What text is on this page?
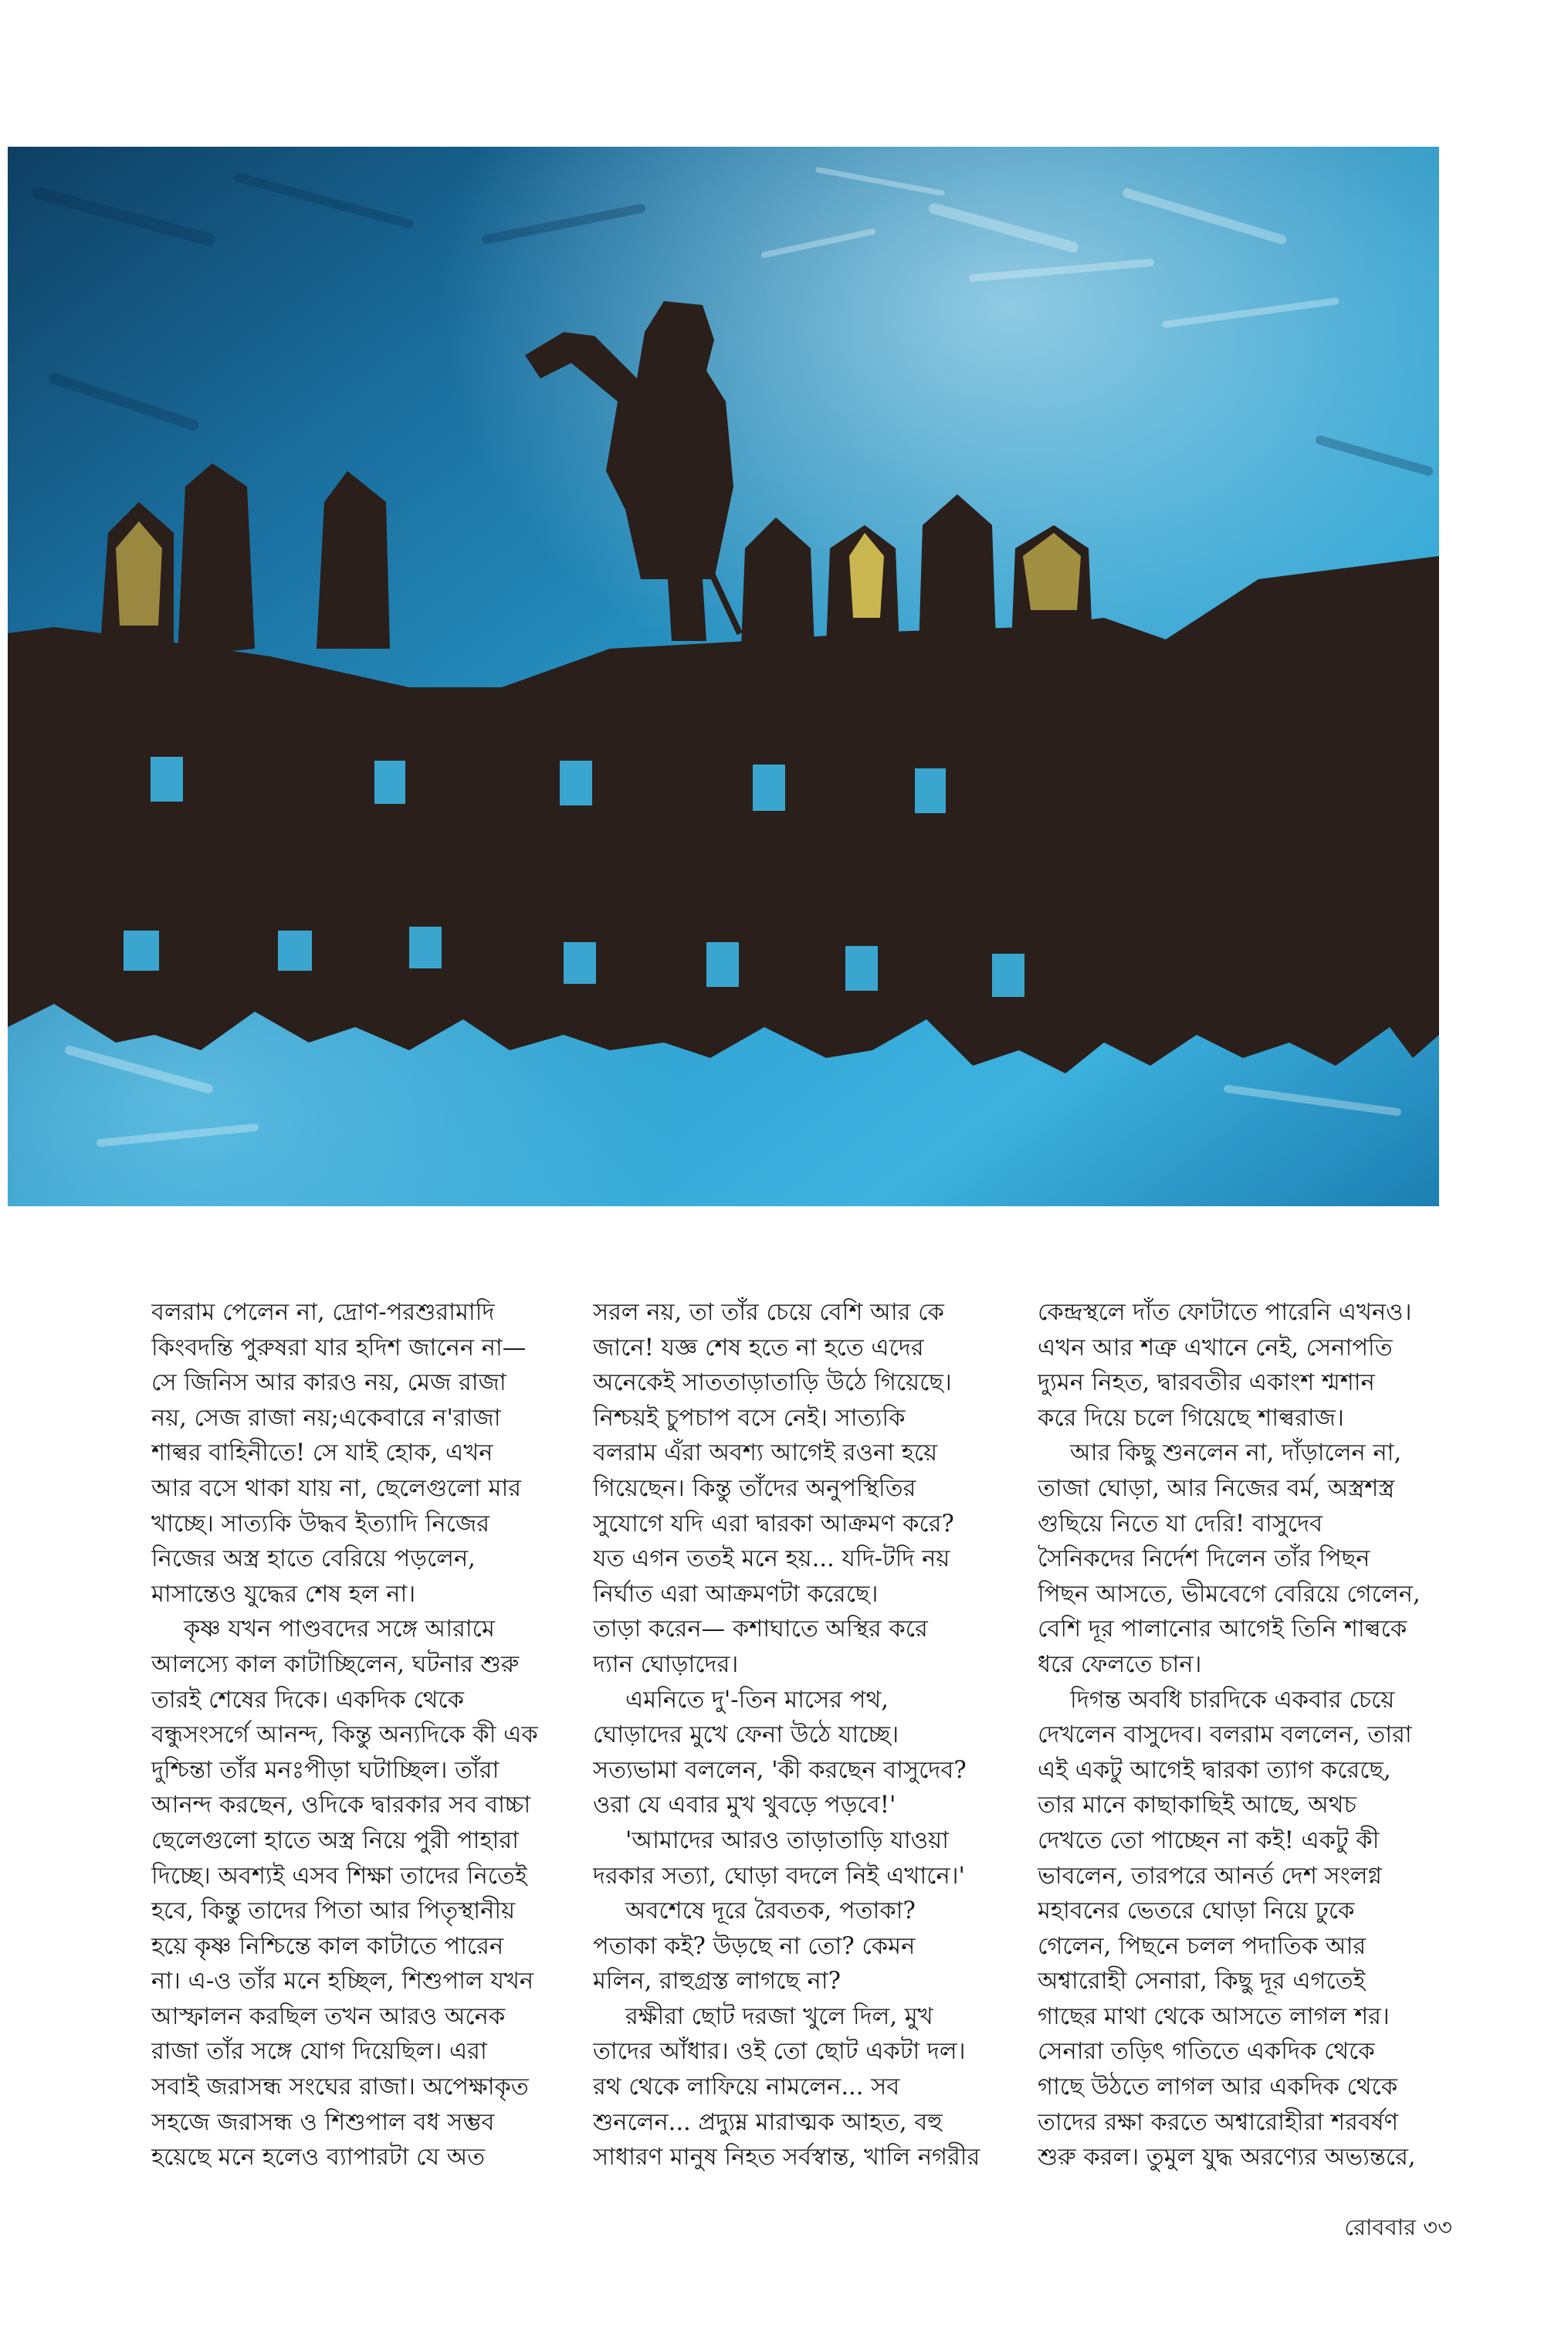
বলরাম পেলেন না, দ্রোণ-পরশুরামাদি

কিংবদন্তি পুরুষরা যার হদিশ জানেন না—

সে জিনিস আর কারও নয়, মেজ রাজা

নয়, সেজ রাজা নয়;একেবারে ন'রাজা

শাল্বর বাহিনীতে! সে যাই হোক, এখন

আর বসে থাকা যায় না, ছেলেগুলো মার

খাচ্ছে। সাত্যকি উদ্ধব ইত্যাদি নিজের

নিজের অস্ত্র হাতে বেরিয়ে পড়লেন,

মাসান্তেও যুদ্ধের শেষ হল না।

কৃষ্ণ যখন পাণ্ডবদের সঙ্গে আরামে

আলস্যে কাল কাটাচ্ছিলেন, ঘটনার শুরু

তারই শেষের দিকে। একদিক থেকে

বন্ধুসংসর্গে আনন্দ, কিন্তু অন্যদিকে কী এক

দুশ্চিন্তা তাঁর মনঃপীড়া ঘটাচ্ছিল। তাঁরা

আনন্দ করছেন, ওদিকে দ্বারকার সব বাচ্চা

ছেলেগুলো হাতে অস্ত্র নিয়ে পুরী পাহারা

দিচ্ছে। অবশ্যই এসব শিক্ষা তাদের নিতেই

হবে, কিন্তু তাদের পিতা আর পিতৃস্থানীয়

হয়ে কৃষ্ণ নিশ্চিন্তে কাল কাটাতে পারেন

না। এ-ও তাঁর মনে হচ্ছিল, শিশুপাল যখন

আস্ফালন করছিল তখন আরও অনেক

রাজা তাঁর সঙ্গে যোগ দিয়েছিল। এরা

সবাই জরাসন্ধ সংঘের রাজা। অপেক্ষাকৃত

সহজে জরাসন্ধ ও শিশুপাল বধ সম্ভব

হয়েছে মনে হলেও ব্যাপারটা যে অত

সরল নয়, তা তাঁর চেয়ে বেশি আর কে

জানে! যজ্ঞ শেষ হতে না হতে এদের

অনেকেই সাততাড়াতাড়ি উঠে গিয়েছে।

নিশ্চয়ই চুপচাপ বসে নেই। সাত্যকি

বলরাম এঁরা অবশ্য আগেই রওনা হয়ে

গিয়েছেন। কিন্তু তাঁদের অনুপস্থিতির

সুযোগে যদি এরা দ্বারকা আক্রমণ করে?

যত এগন ততই মনে হয়... যদি-টদি নয়

নির্ঘাত এরা আক্রমণটা করেছে।

তাড়া করেন— কশাঘাতে অস্থির করে

দ্যান ঘোড়াদের।

এমনিতে দু'-তিন মাসের পথ,

ঘোড়াদের মুখে ফেনা উঠে যাচ্ছে।

সত্যভামা বললেন, 'কী করছেন বাসুদেব?

ওরা যে এবার মুখ থুবড়ে পড়বে!'

'আমাদের আরও তাড়াতাড়ি যাওয়া

দরকার সত্যা, ঘোড়া বদলে নিই এখানে।'

অবশেষে দূরে রৈবতক, পতাকা?

পতাকা কই? উড়ছে না তো? কেমন

মলিন, রাহুগ্রস্ত লাগছে না?

রক্ষীরা ছোট দরজা খুলে দিল, মুখ

তাদের আঁধার। ওই তো ছোট একটা দল।

রথ থেকে লাফিয়ে নামলেন... সব

শুনলেন... প্রদ্যুম্ন মারাত্মক আহত, বহু

সাধারণ মানুষ নিহত সর্বস্বান্ত, খালি নগরীর

কেন্দ্রস্থলে দাঁত ফোটাতে পারেনি এখনও।

এখন আর শত্রু এখানে নেই, সেনাপতি

দ্যুমন নিহত, দ্বারবতীর একাংশ শ্মশান

করে দিয়ে চলে গিয়েছে শাল্বরাজ।

আর কিছু শুনলেন না, দাঁড়ালেন না,

তাজা ঘোড়া, আর নিজের বর্ম, অস্ত্রশস্ত্র

গুছিয়ে নিতে যা দেরি! বাসুদেব

সৈনিকদের নির্দেশ দিলেন তাঁর পিছন

পিছন আসতে, ভীমবেগে বেরিয়ে গেলেন,

বেশি দূর পালানোর আগেই তিনি শাল্বকে

ধরে ফেলতে চান।

দিগন্ত অবধি চারদিকে একবার চেয়ে

দেখলেন বাসুদেব। বলরাম বললেন, তারা

এই একটু আগেই দ্বারকা ত্যাগ করেছে,

তার মানে কাছাকাছিই আছে, অথচ

দেখতে তো পাচ্ছেন না কই! একটু কী

ভাবলেন, তারপরে আনর্ত দেশ সংলগ্ন

মহাবনের ভেতরে ঘোড়া নিয়ে ঢুকে

গেলেন, পিছনে চলল পদাতিক আর

অশ্বারোহী সেনারা, কিছু দূর এগতেই

গাছের মাথা থেকে আসতে লাগল শর।

সেনারা তড়িৎ গতিতে একদিক থেকে

গাছে উঠতে লাগল আর একদিক থেকে

তাদের রক্ষা করতে অশ্বারোহীরা শরবর্ষণ

শুরু করল। তুমুল যুদ্ধ অরণ্যের অভ্যন্তরে,

রোববার ৩৩
